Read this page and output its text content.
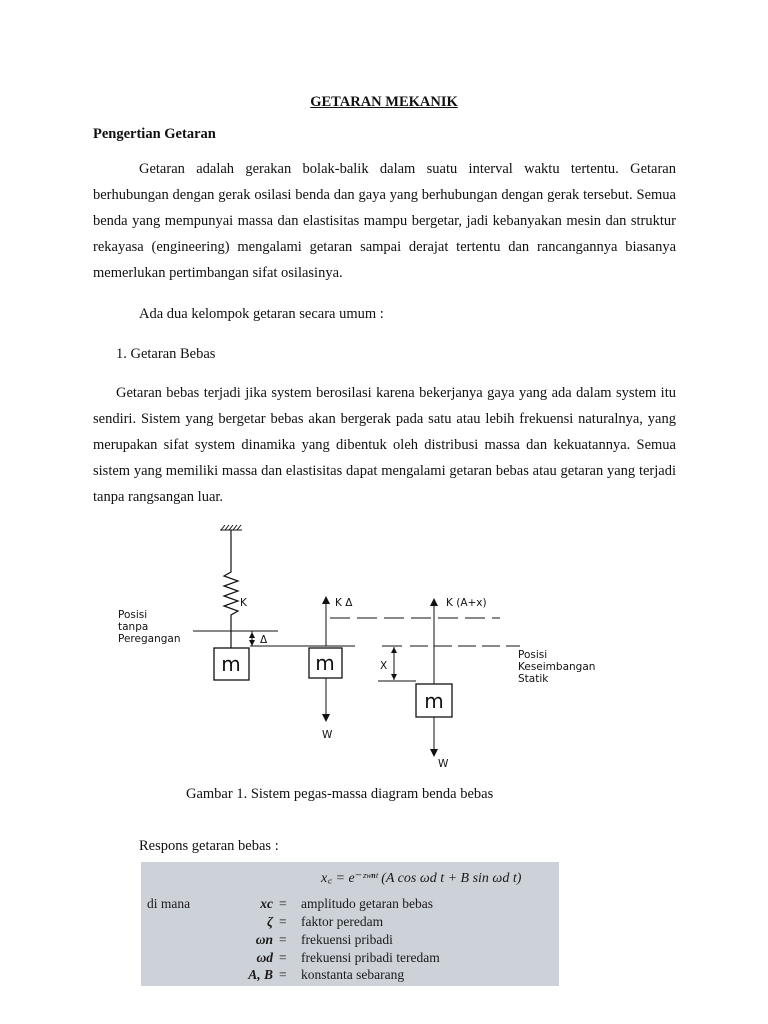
GETARAN MEKANIK
Pengertian Getaran

Getaran adalah gerakan bolak-balik dalam suatu interval waktu tertentu. Getaran berhubungan dengan gerak osilasi benda dan gaya yang berhubungan dengan gerak tersebut. Semua benda yang mempunyai massa dan elastisitas mampu bergetar, jadi kebanyakan mesin dan struktur rekayasa (engineering) mengalami getaran sampai derajat tertentu dan rancangannya biasanya memerlukan pertimbangan sifat osilasinya.

Ada dua kelompok getaran secara umum :
1. Getaran Bebas

Getaran bebas terjadi jika system berosilasi karena bekerjanya gaya yang ada dalam system itu sendiri. Sistem yang bergetar bebas akan bergerak pada satu atau lebih frekuensi naturalnya, yang merupakan sifat system dinamika yang dibentuk oleh distribusi massa dan kekuatannya. Semua sistem yang memiliki massa dan elastisitas dapat mengalami getaran bebas atau getaran yang terjadi tanpa rangsangan luar.

m	m
m
Posisi
tanpa
Peregangan
K
Δ
K Δ	K (A+x)
X
W
W
Posisi
Keseimbangan
Statik
Gambar 1. Sistem pegas-massa diagram benda bebas
Respons getaran bebas :
x꜀ = e⁻ᶻʷⁿᵗ (A cos ωd t + B sin ωd t)
di mana	xc = amplitudo getaran bebas
ζ = faktor peredam
ωn = frekuensi pribadi
ωd = frekuensi pribadi teredam
A, B = konstanta sebarang
